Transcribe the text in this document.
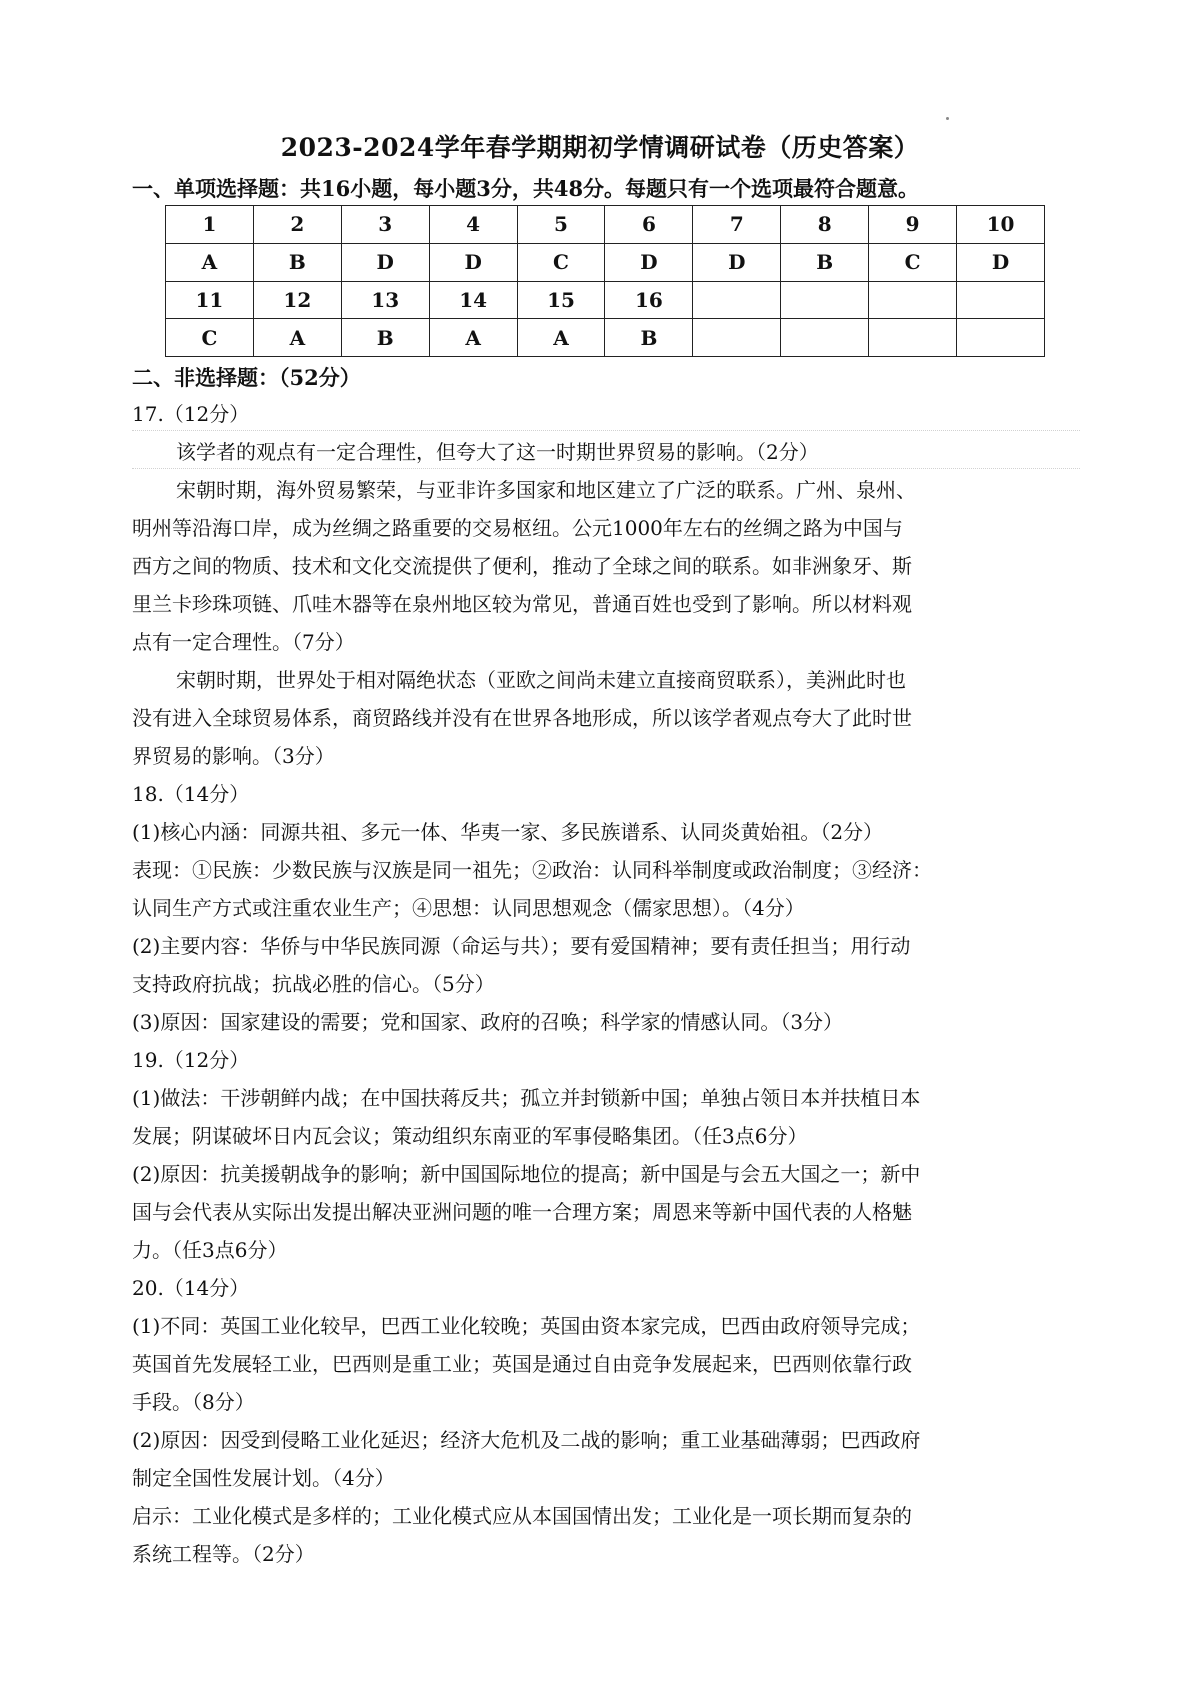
2023-2024学年春学期期初学情调研试卷（历史答案）
一、单项选择题：共16小题，每小题3分，共48分。每题只有一个选项最符合题意。
1	2	3	4	5	6	7	8	9	10
A	B	D	D	C	D	D	B	C	D
11	12	13	14	15	16				
C	A	B	A	A	B				
二、非选择题：（52分）
17.（12分）
该学者的观点有一定合理性，但夸大了这一时期世界贸易的影响。（2分）
宋朝时期，海外贸易繁荣，与亚非许多国家和地区建立了广泛的联系。广州、泉州、
明州等沿海口岸，成为丝绸之路重要的交易枢纽。公元1000年左右的丝绸之路为中国与
西方之间的物质、技术和文化交流提供了便利，推动了全球之间的联系。如非洲象牙、斯
里兰卡珍珠项链、爪哇木器等在泉州地区较为常见，普通百姓也受到了影响。所以材料观
点有一定合理性。（7分）
宋朝时期，世界处于相对隔绝状态（亚欧之间尚未建立直接商贸联系），美洲此时也
没有进入全球贸易体系，商贸路线并没有在世界各地形成，所以该学者观点夸大了此时世
界贸易的影响。（3分）
18.（14分）
(1)核心内涵：同源共祖、多元一体、华夷一家、多民族谱系、认同炎黄始祖。（2分）
表现：①民族：少数民族与汉族是同一祖先；②政治：认同科举制度或政治制度；③经济：
认同生产方式或注重农业生产；④思想：认同思想观念（儒家思想）。（4分）
(2)主要内容：华侨与中华民族同源（命运与共）；要有爱国精神；要有责任担当；用行动
支持政府抗战；抗战必胜的信心。（5分）
(3)原因：国家建设的需要；党和国家、政府的召唤；科学家的情感认同。（3分）
19.（12分）
(1)做法：干涉朝鲜内战；在中国扶蒋反共；孤立并封锁新中国；单独占领日本并扶植日本
发展；阴谋破坏日内瓦会议；策动组织东南亚的军事侵略集团。（任3点6分）
(2)原因：抗美援朝战争的影响；新中国国际地位的提高；新中国是与会五大国之一；新中
国与会代表从实际出发提出解决亚洲问题的唯一合理方案；周恩来等新中国代表的人格魅
力。（任3点6分）
20.（14分）
(1)不同：英国工业化较早，巴西工业化较晚；英国由资本家完成，巴西由政府领导完成；
英国首先发展轻工业，巴西则是重工业；英国是通过自由竞争发展起来，巴西则依靠行政
手段。（8分）
(2)原因：因受到侵略工业化延迟；经济大危机及二战的影响；重工业基础薄弱；巴西政府
制定全国性发展计划。（4分）
启示：工业化模式是多样的；工业化模式应从本国国情出发；工业化是一项长期而复杂的
系统工程等。（2分）
